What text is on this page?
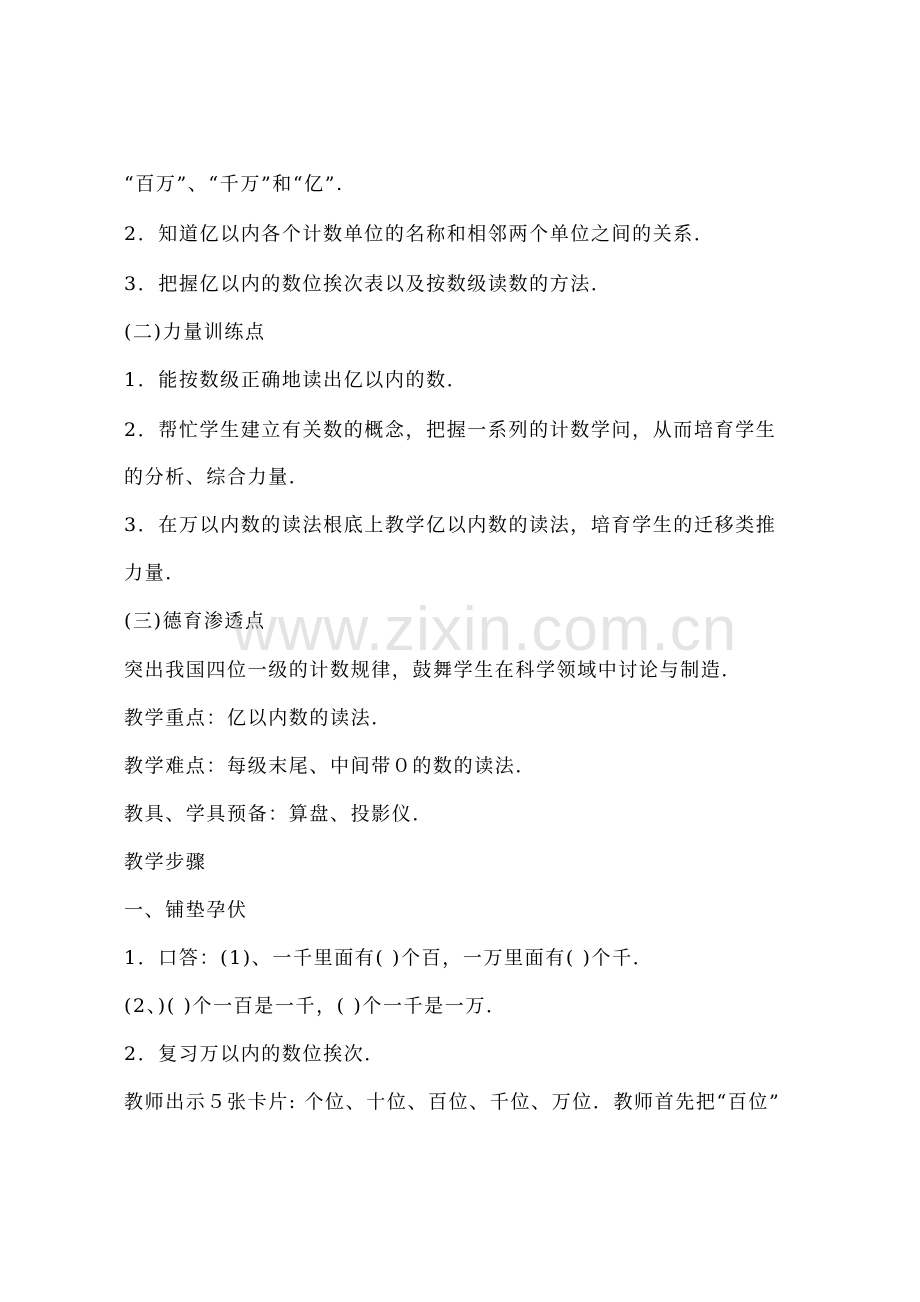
“百万”、“千万”和“亿”.
2．知道亿以内各个计数单位的名称和相邻两个单位之间的关系．
3．把握亿以内的数位挨次表以及按数级读数的方法．
(二)力量训练点
1．能按数级正确地读出亿以内的数．
2．帮忙学生建立有关数的概念，把握一系列的计数学问，从而培育学生
的分析、综合力量．
3．在万以内数的读法根底上教学亿以内数的读法，培育学生的迁移类推
力量．
(三)德育渗透点
突出我国四位一级的计数规律，鼓舞学生在科学领域中讨论与制造．
教学重点：亿以内数的读法．
教学难点：每级末尾、中间带０的数的读法．
教具、学具预备：算盘、投影仪．
教学步骤
一、铺垫孕伏
1．口答：(1)、一千里面有( )个百，一万里面有( )个千．
(2、)( )个一百是一千，( )个一千是一万．
2．复习万以内的数位挨次．
教师出示５张卡片: 个位、十位、百位、千位、万位．教师首先把“百位”
www.zixin.com.cn
